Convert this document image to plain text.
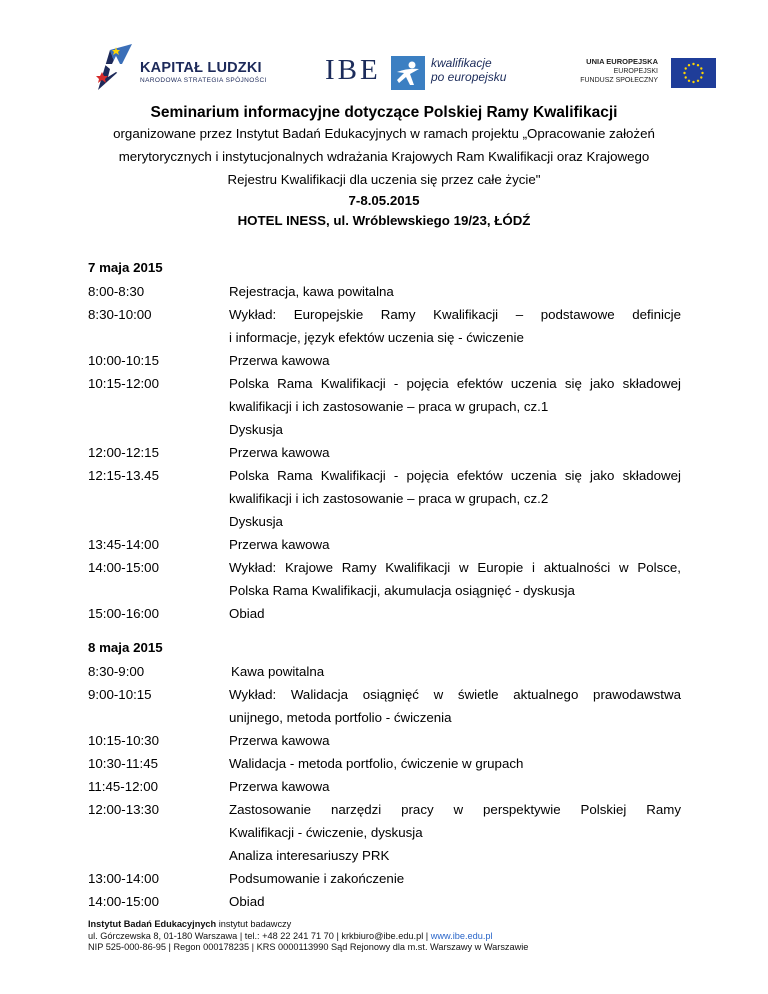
KAPITAŁ LUDZKI
NARODOWA STRATEGIA SPÓJNOŚCI IBE	kwalifikacje
po europejsku
UNIA EUROPEJSKA
EUROPEJSKI
FUNDUSZ SPOŁECZNY
Seminarium informacyjne dotyczące Polskiej Ramy Kwalifikacji
organizowane przez Instytut Badań Edukacyjnych w ramach projektu „Opracowanie założeń
merytorycznych i instytucjonalnych wdrażania Krajowych Ram Kwalifikacji oraz Krajowego
Rejestru Kwalifikacji dla uczenia się przez całe życie"
7-8.05.2015
HOTEL INESS, ul. Wróblewskiego 19/23, ŁÓDŹ
7 maja 2015
8:00-8:30	Rejestracja, kawa powitalna
8:30-10:00	Wykład: Europejskie Ramy Kwalifikacji – podstawowe definicje
i informacje, język efektów uczenia się - ćwiczenie
10:00-10:15	Przerwa kawowa
10:15-12:00	Polska Rama Kwalifikacji - pojęcia efektów uczenia się jako składowej
kwalifikacji i ich zastosowanie – praca w grupach, cz.1
Dyskusja
12:00-12:15	Przerwa kawowa
12:15-13.45	Polska Rama Kwalifikacji - pojęcia efektów uczenia się jako składowej
kwalifikacji i ich zastosowanie – praca w grupach, cz.2
Dyskusja
13:45-14:00	Przerwa kawowa
14:00-15:00	Wykład: Krajowe Ramy Kwalifikacji w Europie i aktualności w Polsce,
Polska Rama Kwalifikacji, akumulacja osiągnięć - dyskusja
15:00-16:00	Obiad
8 maja 2015
8:30-9:00	Kawa powitalna
9:00-10:15	Wykład: Walidacja osiągnięć w świetle aktualnego prawodawstwa
unijnego, metoda portfolio - ćwiczenia
10:15-10:30	Przerwa kawowa
10:30-11:45	Walidacja - metoda portfolio, ćwiczenie w grupach
11:45-12:00	Przerwa kawowa
12:00-13:30	Zastosowanie narzędzi pracy w perspektywie Polskiej Ramy
Kwalifikacji - ćwiczenie, dyskusja
Analiza interesariuszy PRK
13:00-14:00	Podsumowanie i zakończenie
14:00-15:00	Obiad
Instytut Badań Edukacyjnych instytut badawczy
ul. Górczewska 8, 01-180 Warszawa | tel.: +48 22 241 71 70 | krkbiuro@ibe.edu.pl | www.ibe.edu.pl
NIP 525-000-86-95 | Regon 000178235 | KRS 0000113990 Sąd Rejonowy dla m.st. Warszawy w Warszawie
